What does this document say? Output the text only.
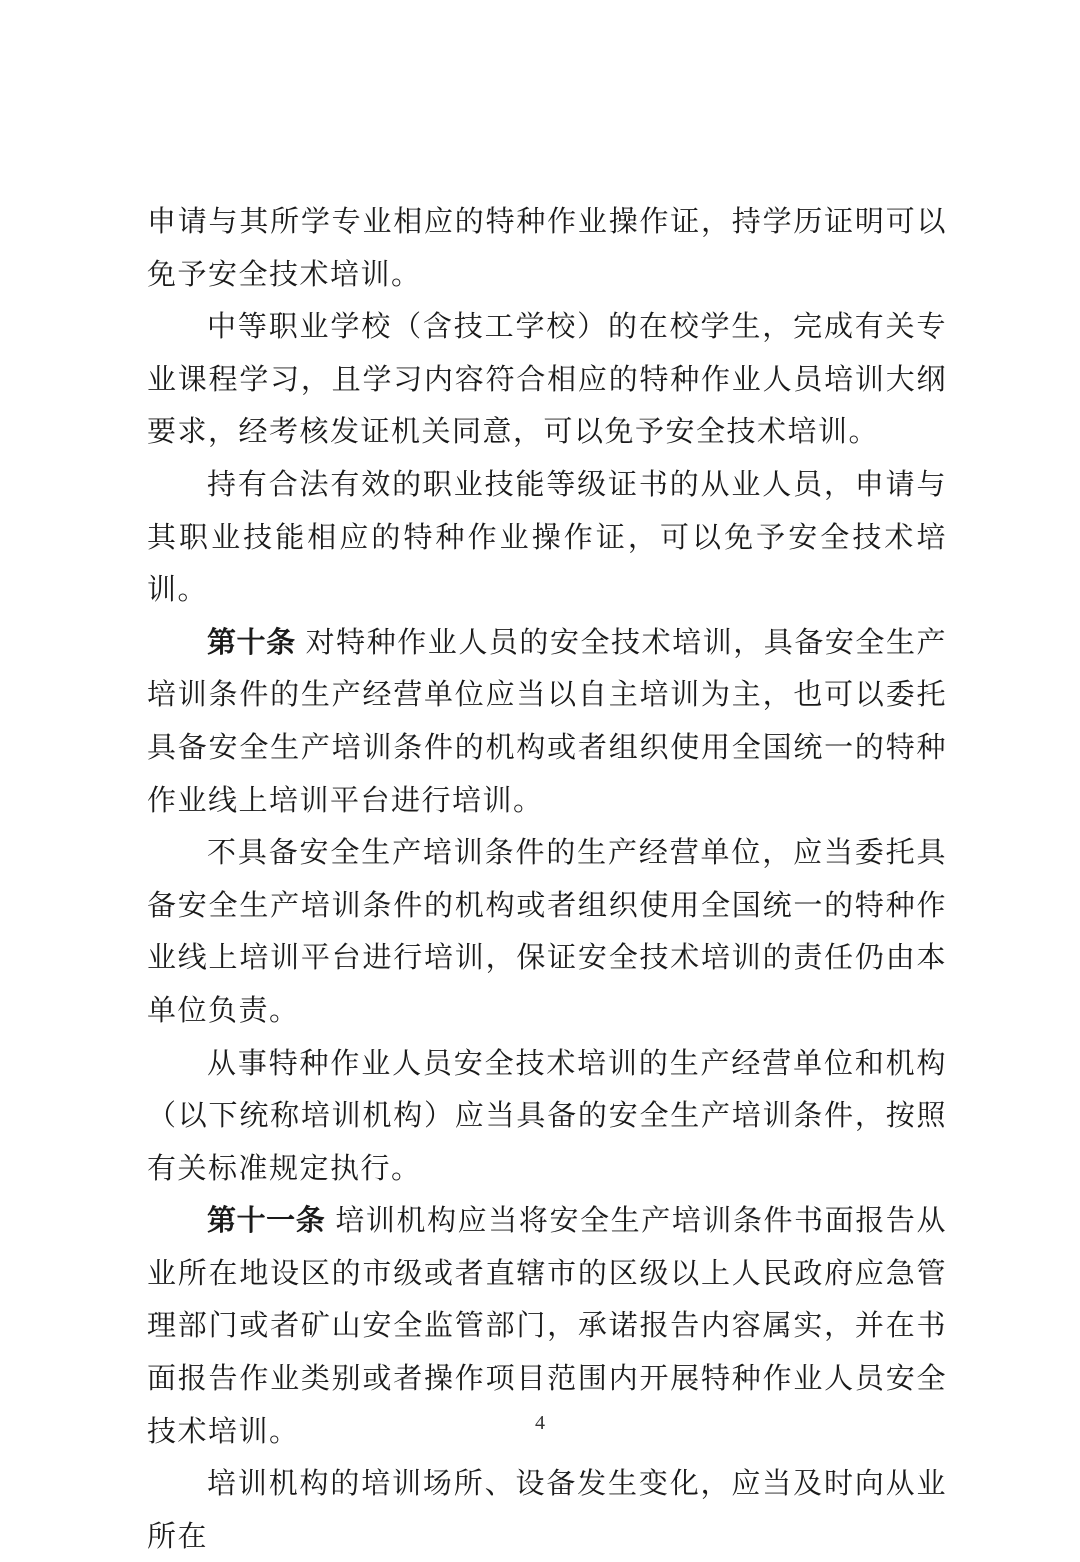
申请与其所学专业相应的特种作业操作证，持学历证明可以免予安全技术培训。

中等职业学校（含技工学校）的在校学生，完成有关专业课程学习，且学习内容符合相应的特种作业人员培训大纲要求，经考核发证机关同意，可以免予安全技术培训。

持有合法有效的职业技能等级证书的从业人员，申请与其职业技能相应的特种作业操作证，可以免予安全技术培训。

第十条 对特种作业人员的安全技术培训，具备安全生产培训条件的生产经营单位应当以自主培训为主，也可以委托具备安全生产培训条件的机构或者组织使用全国统一的特种作业线上培训平台进行培训。

不具备安全生产培训条件的生产经营单位，应当委托具备安全生产培训条件的机构或者组织使用全国统一的特种作业线上培训平台进行培训，保证安全技术培训的责任仍由本单位负责。

从事特种作业人员安全技术培训的生产经营单位和机构（以下统称培训机构）应当具备的安全生产培训条件，按照有关标准规定执行。

第十一条 培训机构应当将安全生产培训条件书面报告从业所在地设区的市级或者直辖市的区级以上人民政府应急管理部门或者矿山安全监管部门，承诺报告内容属实，并在书面报告作业类别或者操作项目范围内开展特种作业人员安全技术培训。

培训机构的培训场所、设备发生变化，应当及时向从业所在

4
